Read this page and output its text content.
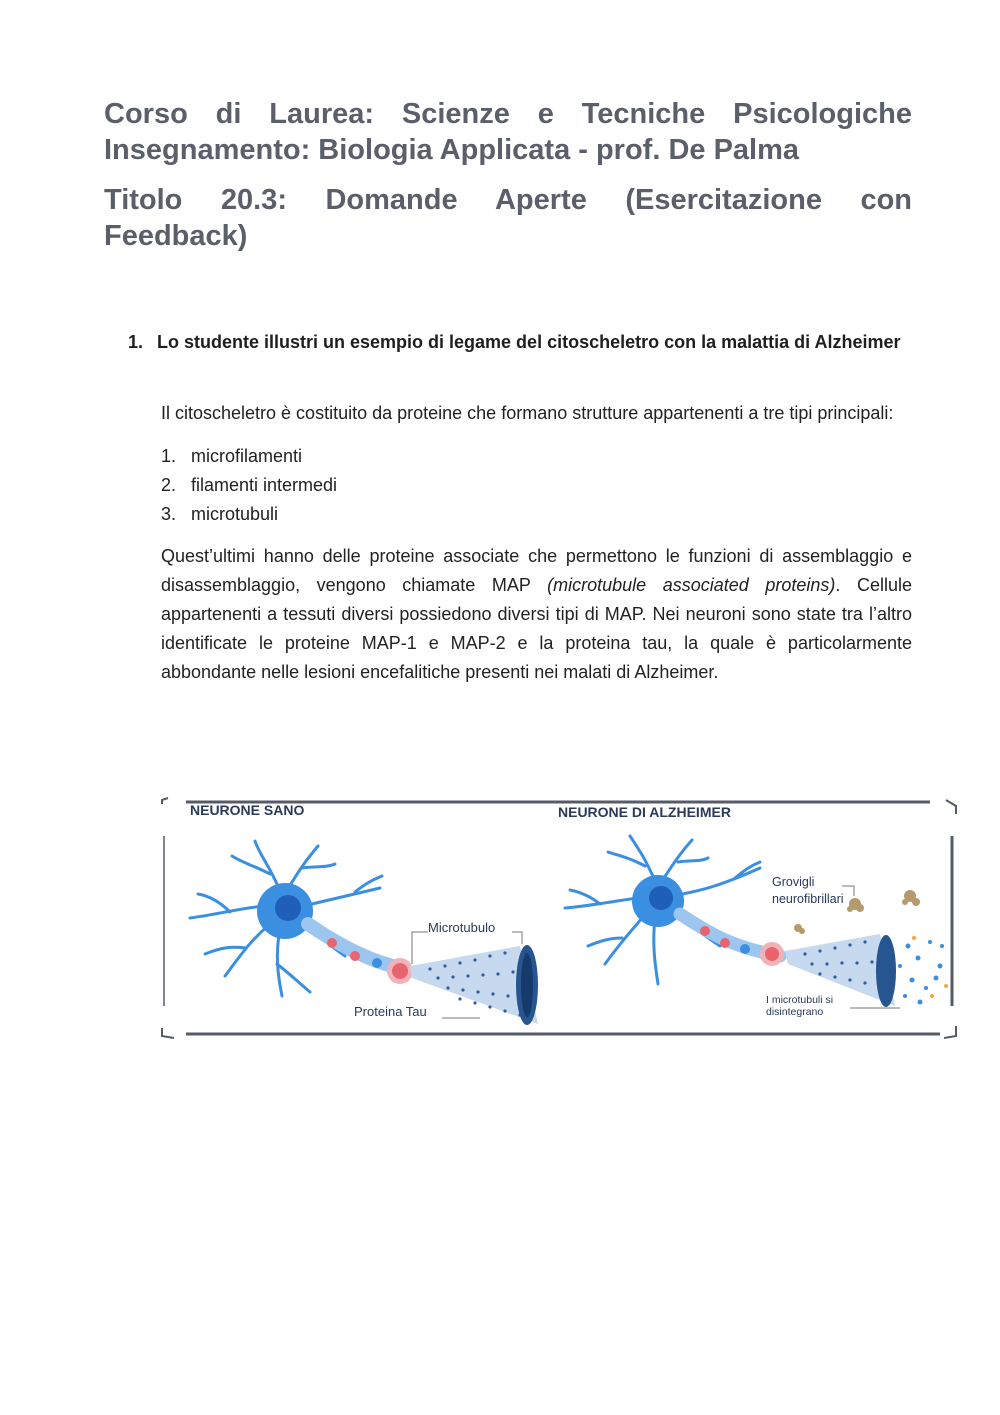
Corso di Laurea: Scienze e Tecniche Psicologiche
Insegnamento: Biologia Applicata - prof. De Palma
Titolo 20.3: Domande Aperte (Esercitazione con
Feedback)
1. Lo studente illustri un esempio di legame del citoscheletro con la malattia di Alzheimer

Il citoscheletro è costituito da proteine che formano strutture appartenenti a tre tipi principali:

1. microfilamenti
2. filamenti intermedi
3. microtubuli

Quest’ultimi hanno delle proteine associate che permettono le funzioni di assemblaggio e disassemblaggio, vengono chiamate MAP (microtubule associated proteins). Cellule appartenenti a tessuti diversi possiedono diversi tipi di MAP. Nei neuroni sono state tra l’altro identificate le proteine MAP-1 e MAP-2 e la proteina tau, la quale è particolarmente abbondante nelle lesioni encefalitiche presenti nei malati di Alzheimer.

NEURONE SANO	NEURONE DI ALZHEIMER
Microtubulo
Proteina Tau
Grovigli
neurofibrillari
I microtubuli si
disintegrano
